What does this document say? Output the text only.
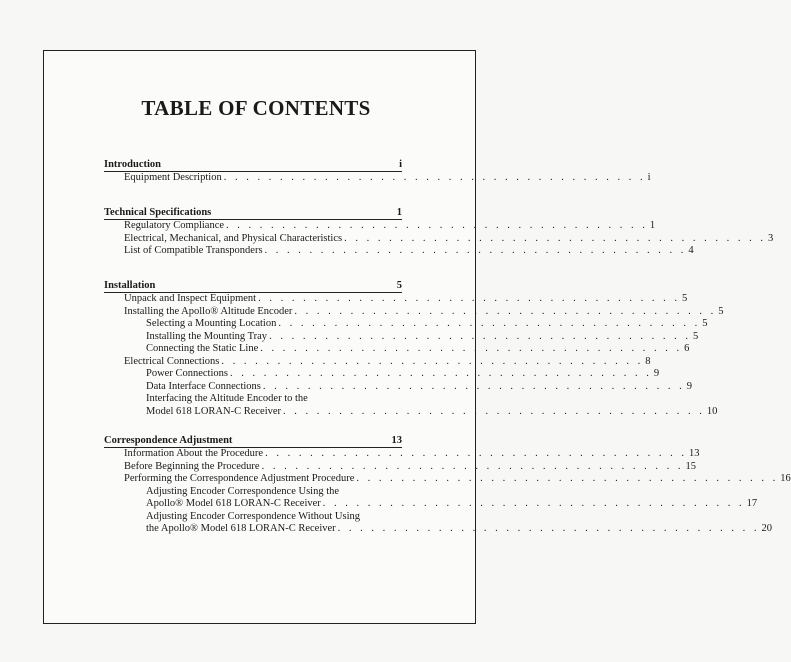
TABLE OF CONTENTS
Introduction	i
Equipment Description . . . . . . . . . . . . . . . . . . . . . . . . . . . . . . . . . . . . . . i
Technical Specifications	1
Regulatory Compliance . . . . . . . . . . . . . . . . . . . . . . . . . . . . . . . . . . . . . . 1
Electrical, Mechanical, and Physical Characteristics . . . . . . . . . . . . . . . . . . . . . . . . . . . . . . . . . . . . . . 3
List of Compatible Transponders . . . . . . . . . . . . . . . . . . . . . . . . . . . . . . . . . . . . . . 4
Installation	5
Unpack and Inspect Equipment . . . . . . . . . . . . . . . . . . . . . . . . . . . . . . . . . . . . . . 5
Installing the Apollo® Altitude Encoder . . . . . . . . . . . . . . . . . . . . . . . . . . . . . . . . . . . . . . 5
Selecting a Mounting Location . . . . . . . . . . . . . . . . . . . . . . . . . . . . . . . . . . . . . . 5
Installing the Mounting Tray . . . . . . . . . . . . . . . . . . . . . . . . . . . . . . . . . . . . . . 5
Connecting the Static Line . . . . . . . . . . . . . . . . . . . . . . . . . . . . . . . . . . . . . . 6
Electrical Connections . . . . . . . . . . . . . . . . . . . . . . . . . . . . . . . . . . . . . . 8
Power Connections . . . . . . . . . . . . . . . . . . . . . . . . . . . . . . . . . . . . . . 9
Data Interface Connections . . . . . . . . . . . . . . . . . . . . . . . . . . . . . . . . . . . . . . 9
Interfacing the Altitude Encoder to the
Model 618 LORAN-C Receiver . . . . . . . . . . . . . . . . . . . . . . . . . . . . . . . . . . . . . . 10
Correspondence Adjustment	13
Information About the Procedure . . . . . . . . . . . . . . . . . . . . . . . . . . . . . . . . . . . . . . 13
Before Beginning the Procedure . . . . . . . . . . . . . . . . . . . . . . . . . . . . . . . . . . . . . . 15
Performing the Correspondence Adjustment Procedure . . . . . . . . . . . . . . . . . . . . . . . . . . . . . . . . . . . . . . 16
Adjusting Encoder Correspondence Using the
Apollo® Model 618 LORAN-C Receiver . . . . . . . . . . . . . . . . . . . . . . . . . . . . . . . . . . . . . . 17
Adjusting Encoder Correspondence Without Using
the Apollo® Model 618 LORAN-C Receiver . . . . . . . . . . . . . . . . . . . . . . . . . . . . . . . . . . . . . . 20
